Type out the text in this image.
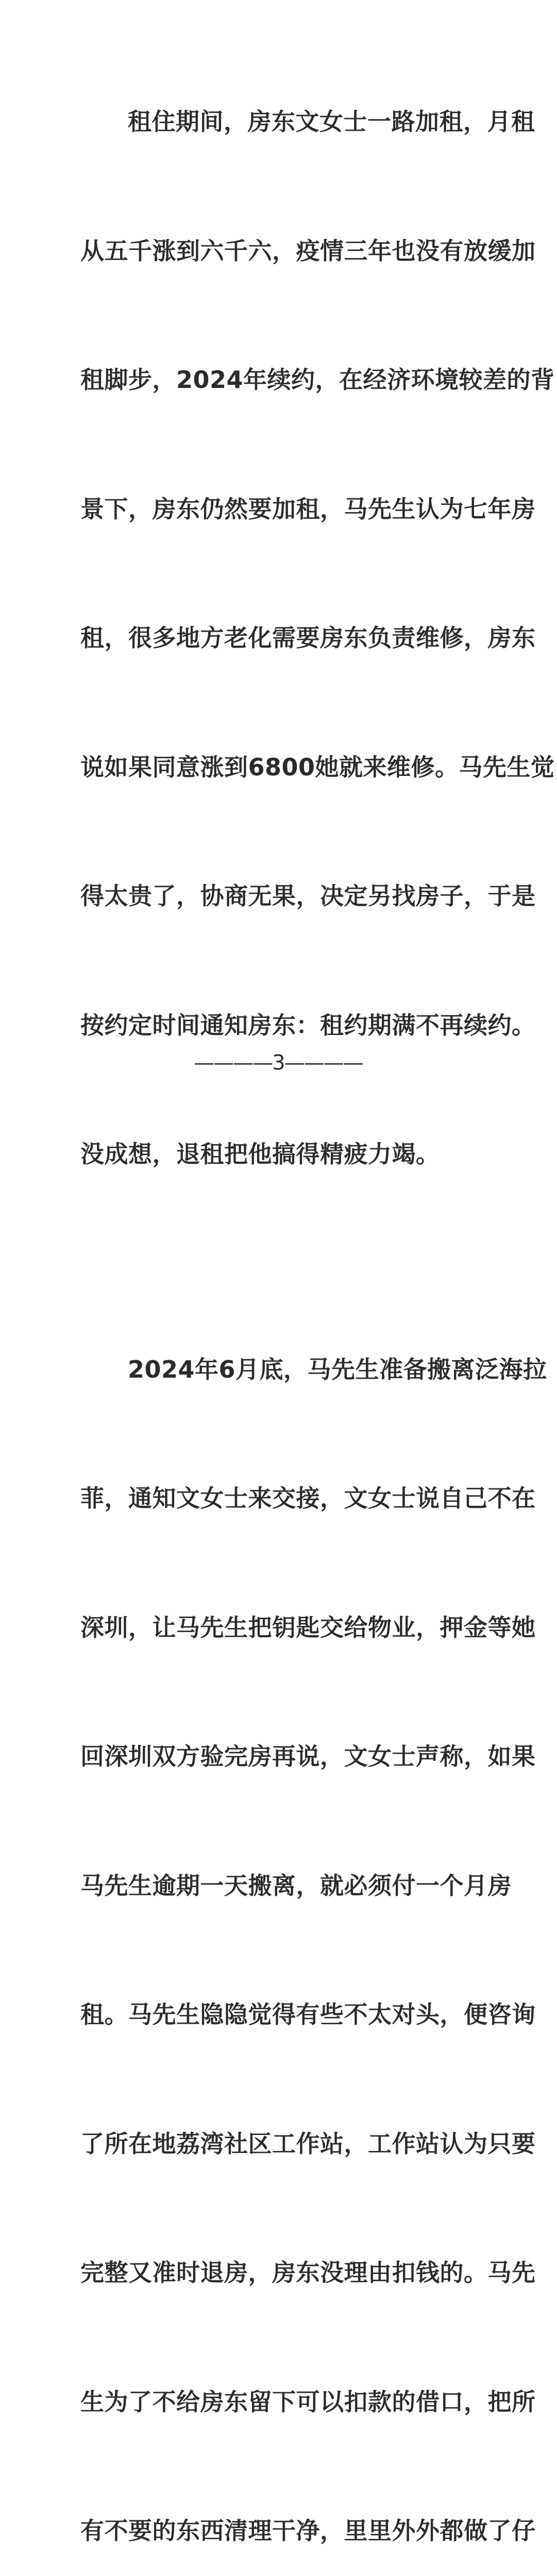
租住期间，房东文女士一路加租，月租

从五千涨到六千六，疫情三年也没有放缓加

租脚步，2024年续约，在经济环境较差的背

景下，房东仍然要加租，马先生认为七年房

租，很多地方老化需要房东负责维修，房东

说如果同意涨到6800她就来维修。马先生觉

得太贵了，协商无果，决定另找房子，于是

按约定时间通知房东：租约期满不再续约。

没成想，退租把他搞得精疲力竭。

2024年6月底，马先生准备搬离泛海拉

菲，通知文女士来交接，文女士说自己不在

深圳，让马先生把钥匙交给物业，押金等她

回深圳双方验完房再说，文女士声称，如果

马先生逾期一天搬离，就必须付一个月房

租。马先生隐隐觉得有些不太对头，便咨询

了所在地荔湾社区工作站，工作站认为只要

完整又准时退房，房东没理由扣钱的。马先

生为了不给房东留下可以扣款的借口，把所

有不要的东西清理干净，里里外外都做了仔

————3————
